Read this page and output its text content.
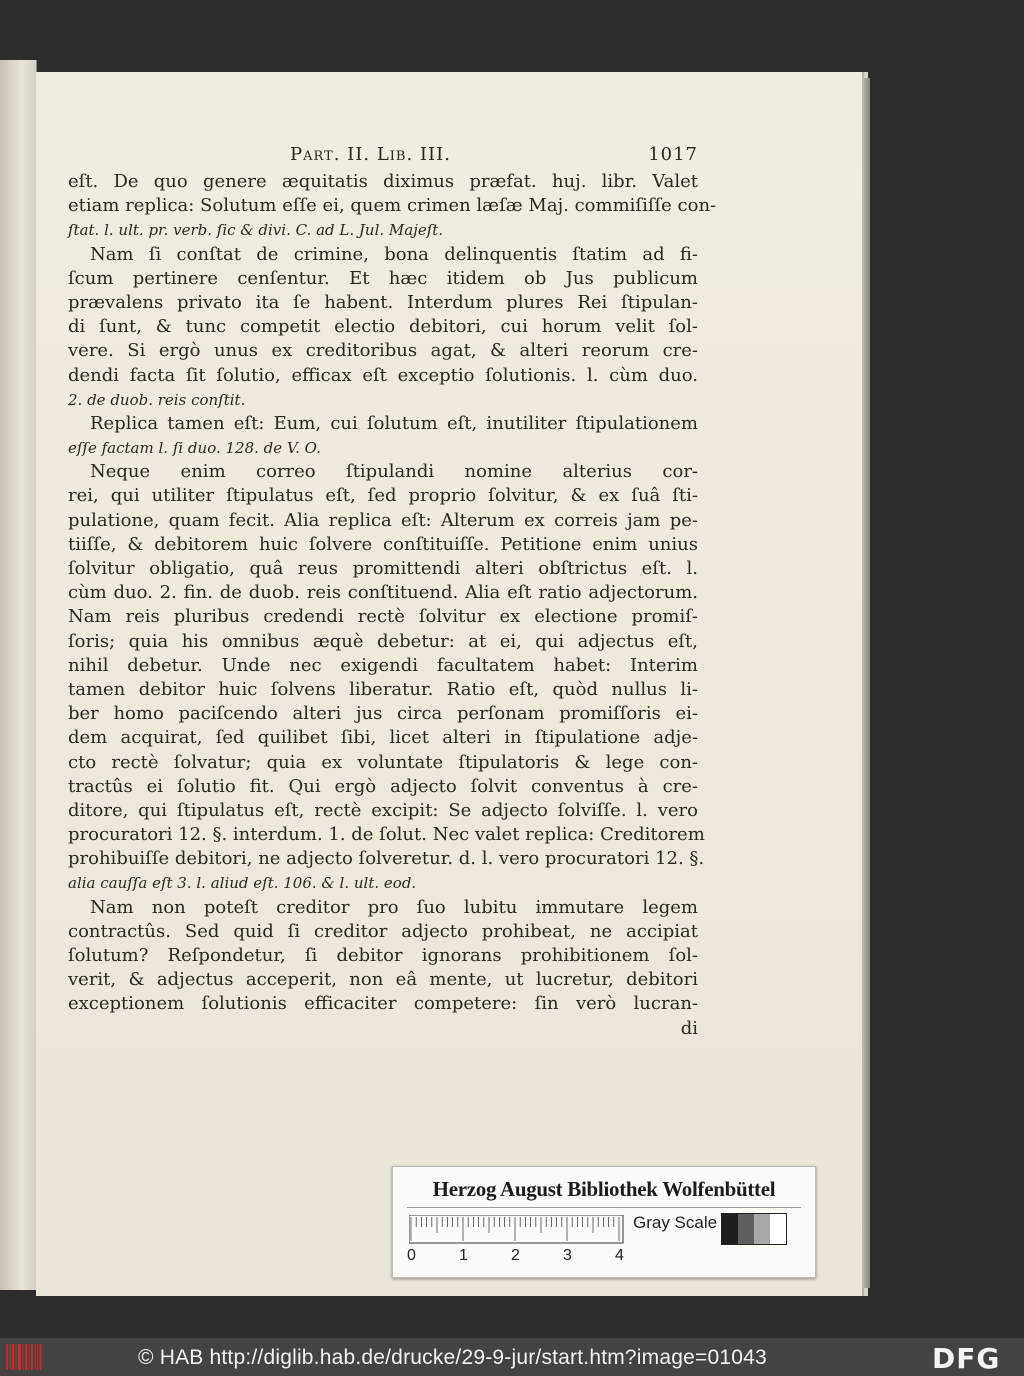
Part. II. Lib. III.	1017
eſt. De quo genere æquitatis diximus præfat. huj. libr. Valet
etiam replica: Solutum eſſe ei, quem crimen læſæ Maj. commiſiſſe con-
ſtat. l. ult. pr. verb. ſic & divi. C. ad L. Jul. Majeſt.
Nam ſi conſtat de crimine, bona delinquentis ſtatim ad fi-
ſcum pertinere cenſentur. Et hæc itidem ob Jus publicum
prævalens privato ita ſe habent. Interdum plures Rei ſtipulan-
di ſunt, & tunc competit electio debitori, cui horum velit ſol-
vere. Si ergò unus ex creditoribus agat, & alteri reorum cre-
dendi facta ſit ſolutio, efficax eſt exceptio ſolutionis. l. cùm duo.
2. de duob. reis conſtit.
Replica tamen eſt: Eum, cui ſolutum eſt, inutiliter ſtipulationem
eſſe factam l. ſi duo. 128. de V. O.
Neque enim correo ſtipulandi nomine alterius cor-
rei, qui utiliter ſtipulatus eſt, ſed proprio ſolvitur, & ex ſuâ ſti-
pulatione, quam fecit. Alia replica eſt: Alterum ex correis jam pe-
tiiſſe, & debitorem huic ſolvere conſtituiſſe. Petitione enim unius
ſolvitur obligatio, quâ reus promittendi alteri obſtrictus eſt. l.
cùm duo. 2. fin. de duob. reis conſtituend. Alia eſt ratio adjectorum.
Nam reis pluribus credendi rectè ſolvitur ex electione promiſ-
ſoris; quia his omnibus æquè debetur: at ei, qui adjectus eſt,
nihil debetur. Unde nec exigendi facultatem habet: Interim
tamen debitor huic ſolvens liberatur. Ratio eſt, quòd nullus li-
ber homo paciſcendo alteri jus circa perſonam promiſſoris ei-
dem acquirat, ſed quilibet ſibi, licet alteri in ſtipulatione adje-
cto rectè ſolvatur; quia ex voluntate ſtipulatoris & lege con-
tractûs ei ſolutio fit. Qui ergò adjecto ſolvit conventus à cre-
ditore, qui ſtipulatus eſt, rectè excipit: Se adjecto ſolviſſe. l. vero
procuratori 12. §. interdum. 1. de ſolut. Nec valet replica: Creditorem
prohibuiſſe debitori, ne adjecto ſolveretur. d. l. vero procuratori 12. §.
alia cauſſa eſt 3. l. aliud eſt. 106. & l. ult. eod.
Nam non poteſt creditor pro ſuo lubitu immutare legem
contractûs. Sed quid ſi creditor adjecto prohibeat, ne accipiat
ſolutum? Reſpondetur, ſi debitor ignorans prohibitionem ſol-
verit, & adjectus acceperit, non eâ mente, ut lucretur, debitori
exceptionem ſolutionis efficaciter competere: ſin verò lucran-
di
Herzog August Bibliothek Wolfenbüttel
0	1	2	3	4
Gray Scale
© HAB http://diglib.hab.de/drucke/29-9-jur/start.htm?image=01043	DFG
